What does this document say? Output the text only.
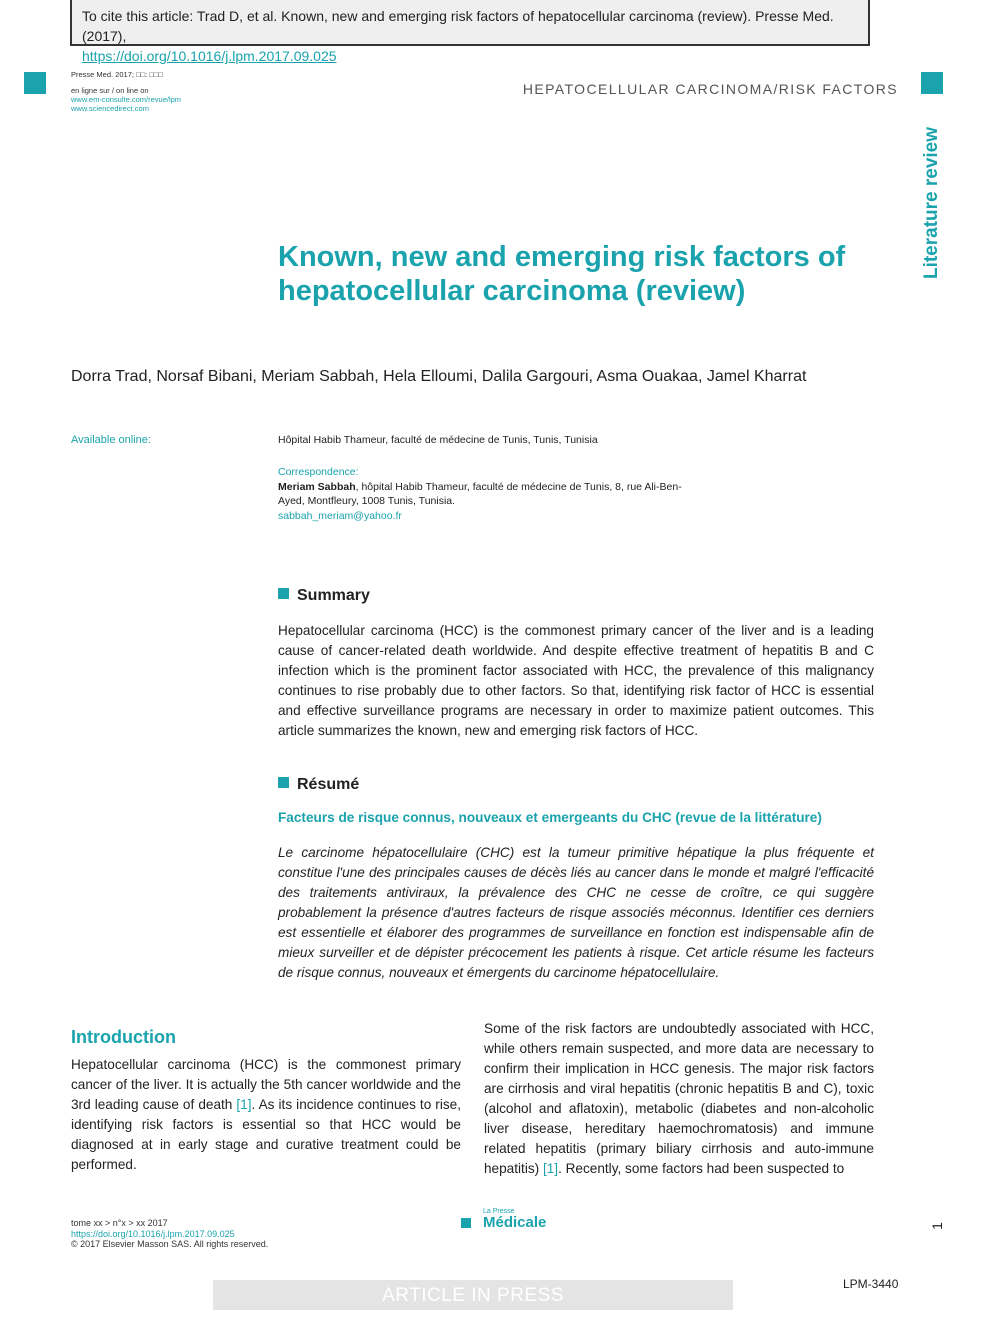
To cite this article: Trad D, et al. Known, new and emerging risk factors of hepatocellular carcinoma (review). Presse Med. (2017),
https://doi.org/10.1016/j.lpm.2017.09.025
Presse Med. 2017; □□: □□□
en ligne sur / on line on
www.em-consulte.com/revue/lpm
www.sciencedirect.com
HEPATOCELLULAR CARCINOMA/RISK FACTORS
Literature review
Known, new and emerging risk factors of hepatocellular carcinoma (review)
Dorra Trad, Norsaf Bibani, Meriam Sabbah, Hela Elloumi, Dalila Gargouri, Asma Ouakaa, Jamel Kharrat
Available online:	Hôpital Habib Thameur, faculté de médecine de Tunis, Tunis, Tunisia
Correspondence:
Meriam Sabbah, hôpital Habib Thameur, faculté de médecine de Tunis, 8, rue Ali-Ben-Ayed, Montfleury, 1008 Tunis, Tunisia.
sabbah_meriam@yahoo.fr
Summary
Hepatocellular carcinoma (HCC) is the commonest primary cancer of the liver and is a leading cause of cancer-related death worldwide. And despite effective treatment of hepatitis B and C infection which is the prominent factor associated with HCC, the prevalence of this malignancy continues to rise probably due to other factors. So that, identifying risk factor of HCC is essential and effective surveillance programs are necessary in order to maximize patient outcomes. This article summarizes the known, new and emerging risk factors of HCC.
Résumé
Facteurs de risque connus, nouveaux et emergeants du CHC (revue de la littérature)
Le carcinome hépatocellulaire (CHC) est la tumeur primitive hépatique la plus fréquente et constitue l'une des principales causes de décès liés au cancer dans le monde et malgré l'efficacité des traitements antiviraux, la prévalence des CHC ne cesse de croître, ce qui suggère probablement la présence d'autres facteurs de risque associés méconnus. Identifier ces derniers est essentielle et élaborer des programmes de surveillance en fonction est indispensable afin de mieux surveiller et de dépister précocement les patients à risque. Cet article résume les facteurs de risque connus, nouveaux et émergents du carcinome hépatocellulaire.
Introduction
Hepatocellular carcinoma (HCC) is the commonest primary cancer of the liver. It is actually the 5th cancer worldwide and the 3rd leading cause of death [1]. As its incidence continues to rise, identifying risk factors is essential so that HCC would be diagnosed at in early stage and curative treatment could be performed.
Some of the risk factors are undoubtedly associated with HCC, while others remain suspected, and more data are necessary to confirm their implication in HCC genesis. The major risk factors are cirrhosis and viral hepatitis (chronic hepatitis B and C), toxic (alcohol and aflatoxin), metabolic (diabetes and non-alcoholic liver disease, hereditary haemochromatosis) and immune related hepatitis (primary biliary cirrhosis and auto-immune hepatitis) [1]. Recently, some factors had been suspected to
tome xx > n°x > xx 2017
https://doi.org/10.1016/j.lpm.2017.09.025
© 2017 Elsevier Masson SAS. All rights reserved.
La Presse
Médicale	1
ARTICLE IN PRESS
LPM-3440
